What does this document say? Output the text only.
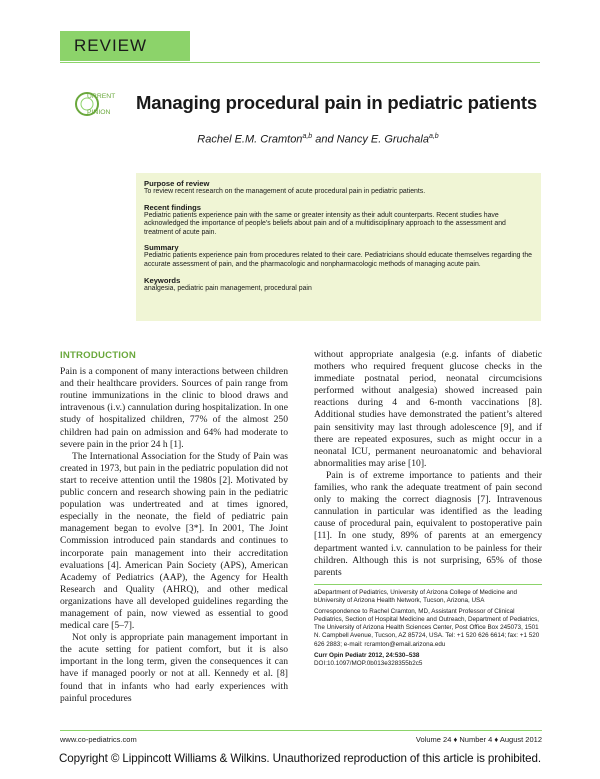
REVIEW
URRENT
PINION Managing procedural pain in pediatric patients
Rachel E.M. Cramton$^{a,b}$ and Nancy E. Gruchala$^{a,b}$

Purpose of review

To review recent research on the management of acute procedural pain in pediatric patients.

Recent findings

Pediatric patients experience pain with the same or greater intensity as their adult counterparts. Recent studies have acknowledged the importance of people’s beliefs about pain and of a multidisciplinary approach to the assessment and treatment of acute pain.

Summary

Pediatric patients experience pain from procedures related to their care. Pediatricians should educate themselves regarding the accurate assessment of pain, and the pharmacologic and nonpharmacologic methods of managing acute pain.

Keywords

analgesia, pediatric pain management, procedural pain

INTRODUCTION

Pain is a component of many interactions between children and their healthcare providers. Sources of pain range from routine immunizations in the clinic to blood draws and intravenous (i.v.) cannulation during hospitalization. In one study of hospitalized children, 77% of the almost 250 children had pain on admission and 64% had moderate to severe pain in the prior 24 h [1].

The International Association for the Study of Pain was created in 1973, but pain in the pediatric population did not start to receive attention until the 1980s [2]. Motivated by public concern and research showing pain in the pediatric population was undertreated and at times ignored, especially in the neonate, the field of pediatric pain management began to evolve [3*]. In 2001, The Joint Commission introduced pain standards and continues to incorporate pain management into their accreditation evaluations [4]. American Pain Society (APS), American Academy of Pediatrics (AAP), the Agency for Health Research and Quality (AHRQ), and other medical organizations have all developed guidelines regarding the management of pain, now viewed as essential to good medical care [5–7].

Not only is appropriate pain management important in the acute setting for patient comfort, but it is also important in the long term, given the consequences it can have if managed poorly or not at all. Kennedy et al. [8] found that in infants who had early experiences with painful procedures

without appropriate analgesia (e.g. infants of diabetic mothers who required frequent glucose checks in the immediate postnatal period, neonatal circumcisions performed without analgesia) showed increased pain reactions during 4 and 6-month vaccinations [8]. Additional studies have demonstrated the patient’s altered pain sensitivity may last through adolescence [9], and if there are repeated exposures, such as might occur in a neonatal ICU, permanent neuroanatomic and behavioral abnormalities may arise [10].

Pain is of extreme importance to patients and their families, who rank the adequate treatment of pain second only to making the correct diagnosis [7]. Intravenous cannulation in particular was identified as the leading cause of procedural pain, equivalent to postoperative pain [11]. In one study, 89% of parents at an emergency department wanted i.v. cannulation to be painless for their children. Although this is not surprising, 65% of those parents

aDepartment of Pediatrics, University of Arizona College of Medicine and

bUniversity of Arizona Health Network, Tucson, Arizona, USA

Correspondence to Rachel Cramton, MD, Assistant Professor of Clinical Pediatrics, Section of Hospital Medicine and Outreach, Department of Pediatrics, The University of Arizona Health Sciences Center, Post Office Box 245073, 1501 N. Campbell Avenue, Tucson, AZ 85724, USA. Tel: +1 520 626 6614; fax: +1 520 626 2883; e-mail: rcramton@email.arizona.edu

Curr Opin Pediatr 2012, 24:530–538

DOI:10.1097/MOP.0b013e328355b2c5

www.co-pediatrics.com	Volume 24 ♦ Number 4 ♦ August 2012
Copyright © Lippincott Williams & Wilkins. Unauthorized reproduction of this article is prohibited.
